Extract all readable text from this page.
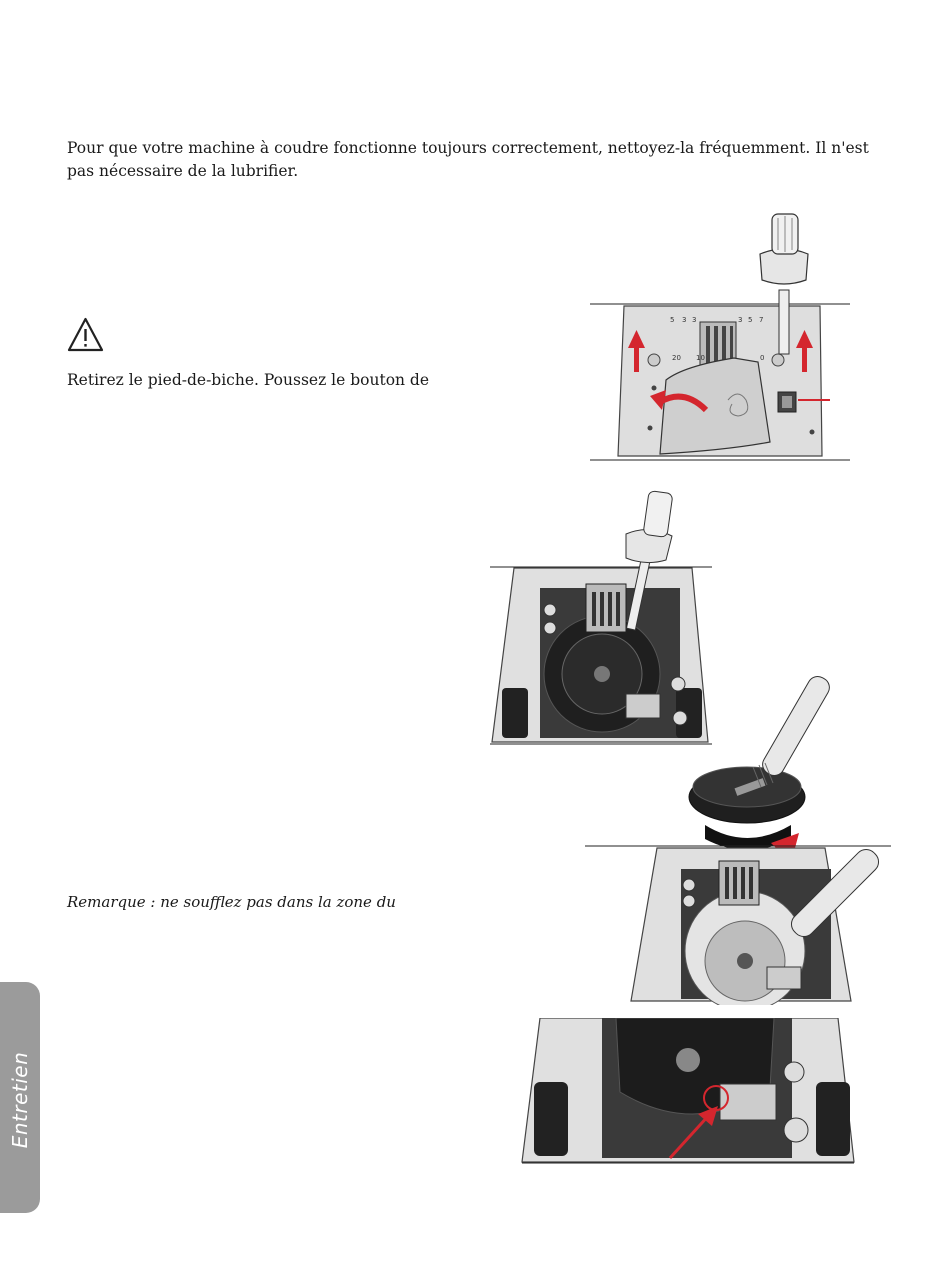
Pour que votre machine à coudre fonctionne toujours correctement, nettoyez-la fréquemment. Il n'est pas nécessaire de la lubrifier.

Retirez le pied-de-biche. Poussez le bouton de

Remarque : ne soufflez pas dans la zone du

5 3 3	3 5 7
20 10	0
Entretien
